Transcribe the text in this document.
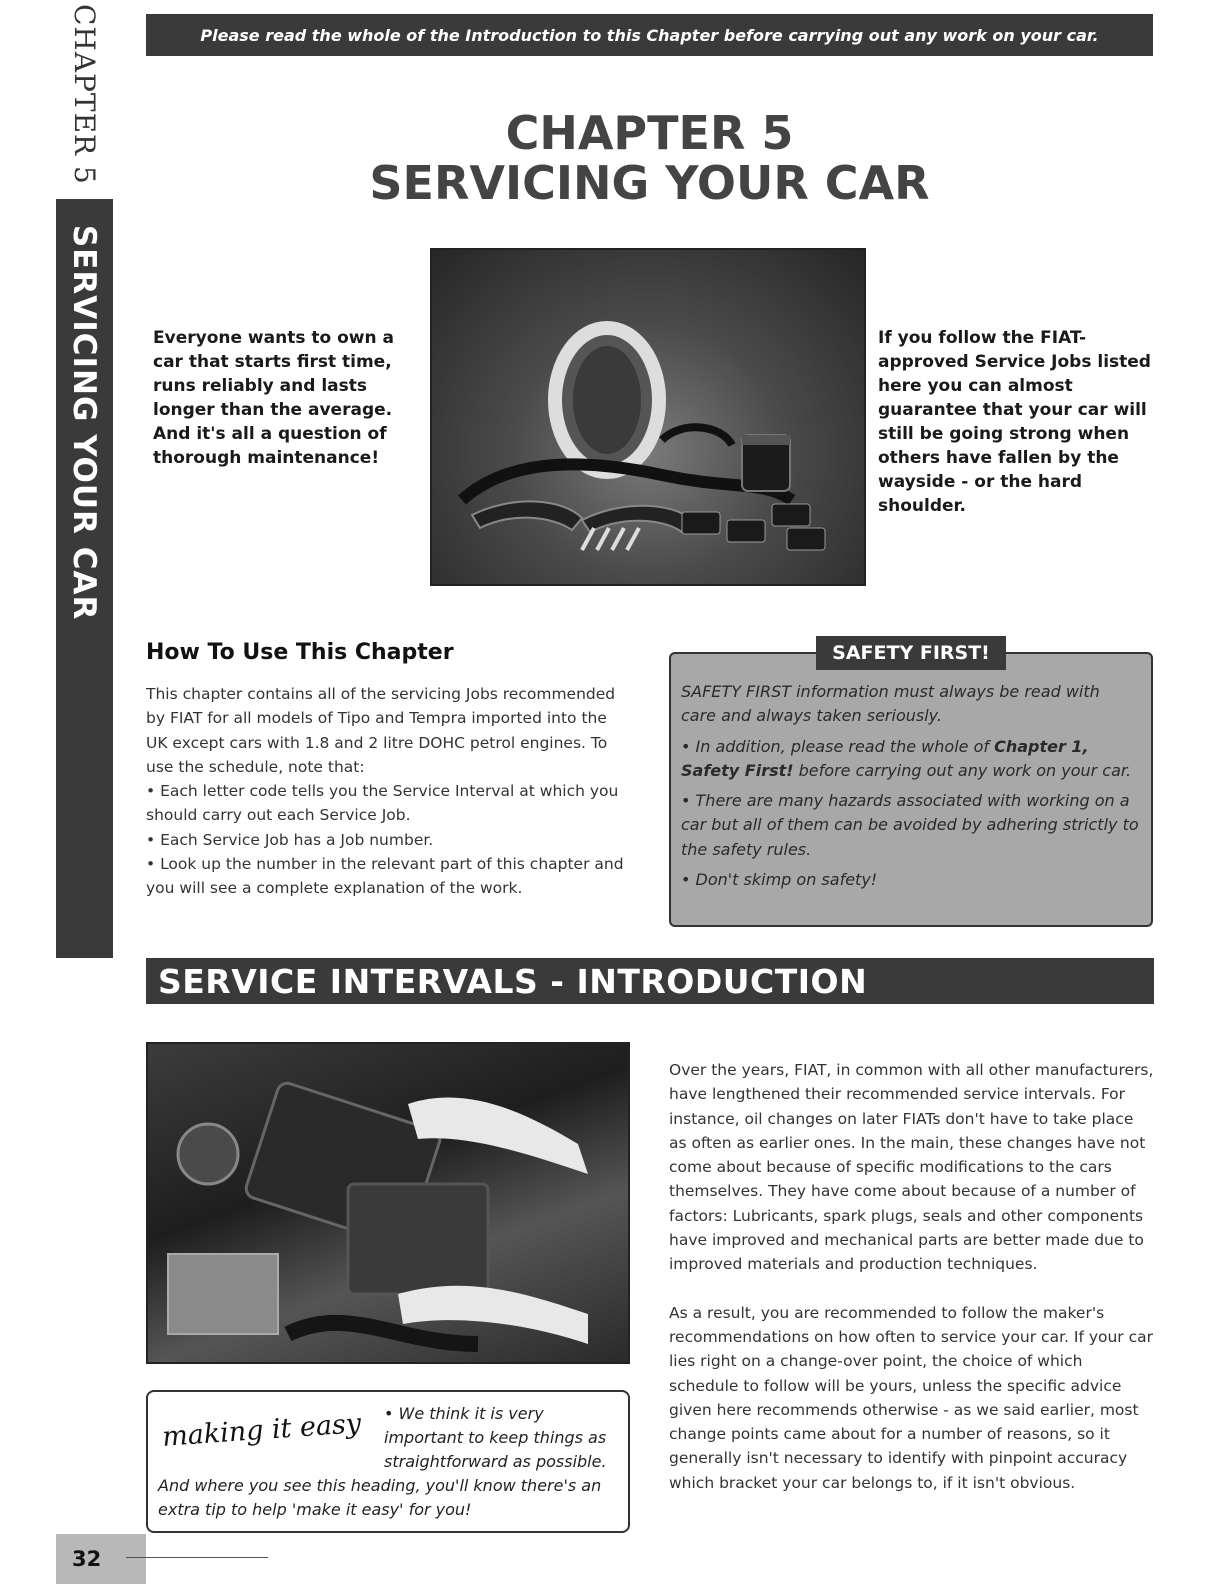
CHAPTER 5
SERVICING YOUR CAR
Please read the whole of the Introduction to this Chapter before carrying out any work on your car.
CHAPTER 5
SERVICING YOUR CAR
Everyone wants to own a car that starts first time, runs reliably and lasts longer than the average. And it's all a question of thorough maintenance!
If you follow the FIAT-approved Service Jobs listed here you can almost guarantee that your car will still be going strong when others have fallen by the wayside - or the hard shoulder.
How To Use This Chapter

This chapter contains all of the servicing Jobs recommended by FIAT for all models of Tipo and Tempra imported into the UK except cars with 1.8 and 2 litre DOHC petrol engines. To use the schedule, note that:

• Each letter code tells you the Service Interval at which you should carry out each Service Job.

• Each Service Job has a Job number.

• Look up the number in the relevant part of this chapter and you will see a complete explanation of the work.

SAFETY FIRST information must always be read with care and always taken seriously.

• In addition, please read the whole of Chapter 1, Safety First! before carrying out any work on your car.

• There are many hazards associated with working on a car but all of them can be avoided by adhering strictly to the safety rules.

• Don't skimp on safety!

SAFETY FIRST!
SERVICE INTERVALS - INTRODUCTION

Over the years, FIAT, in common with all other manufacturers, have lengthened their recommended service intervals. For instance, oil changes on later FIATs don't have to take place as often as earlier ones. In the main, these changes have not come about because of specific modifications to the cars themselves. They have come about because of a number of factors: Lubricants, spark plugs, seals and other components have improved and mechanical parts are better made due to improved materials and production techniques.

As a result, you are recommended to follow the maker's recommendations on how often to service your car. If your car lies right on a change-over point, the choice of which schedule to follow will be yours, unless the specific advice given here recommends otherwise - as we said earlier, most change points came about for a number of reasons, so it generally isn't necessary to identify with pinpoint accuracy which bracket your car belongs to, if it isn't obvious.

making it easy • We think it is very important to keep things as straightforward as possible.
And where you see this heading, you'll know there's an extra tip to help 'make it easy' for you!
32
